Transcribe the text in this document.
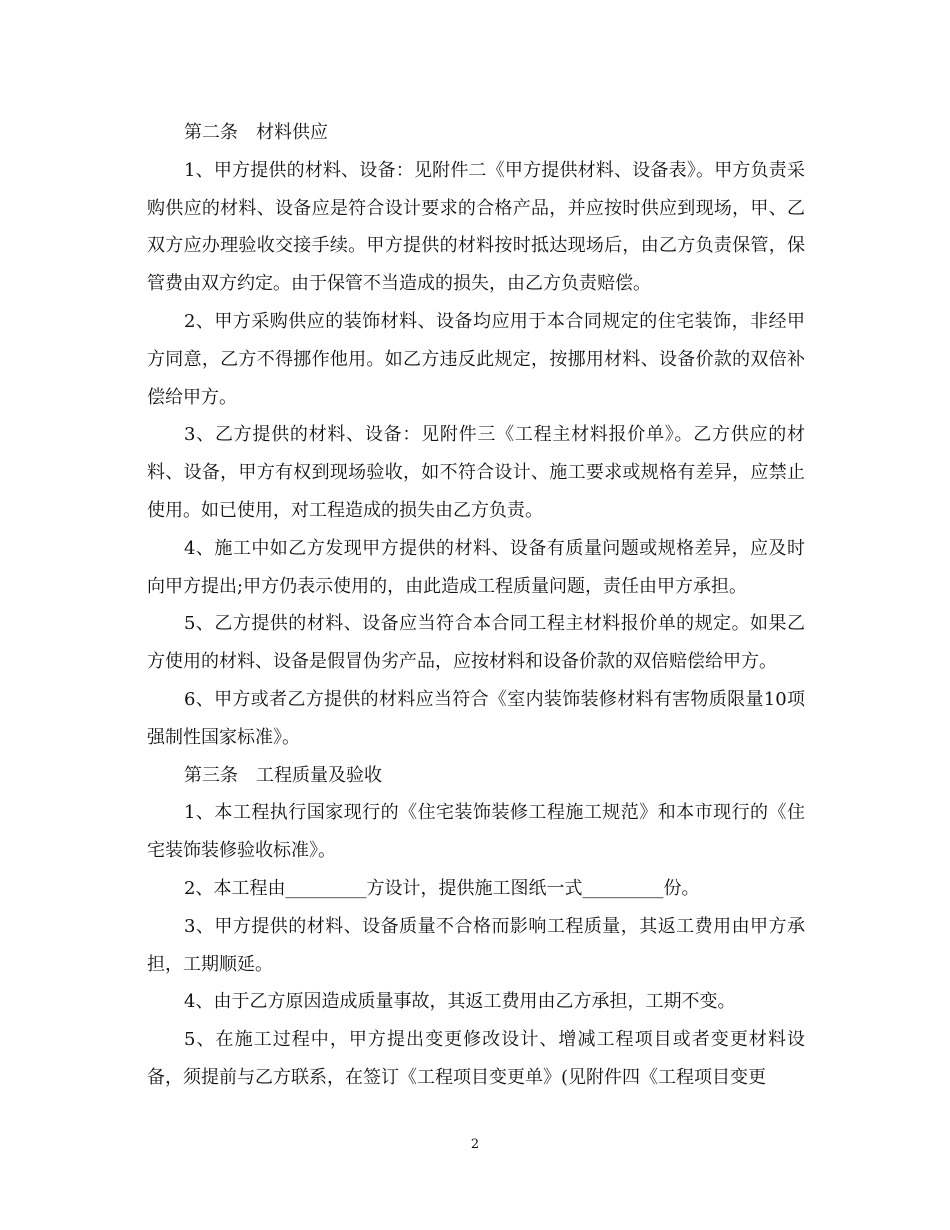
第二条　材料供应

1、甲方提供的材料、设备：见附件二《甲方提供材料、设备表》。甲方负责采购供应的材料、设备应是符合设计要求的合格产品，并应按时供应到现场，甲、乙双方应办理验收交接手续。甲方提供的材料按时抵达现场后，由乙方负责保管，保管费由双方约定。由于保管不当造成的损失，由乙方负责赔偿。

2、甲方采购供应的装饰材料、设备均应用于本合同规定的住宅装饰，非经甲方同意，乙方不得挪作他用。如乙方违反此规定，按挪用材料、设备价款的双倍补偿给甲方。

3、乙方提供的材料、设备：见附件三《工程主材料报价单》。乙方供应的材料、设备，甲方有权到现场验收，如不符合设计、施工要求或规格有差异，应禁止使用。如已使用，对工程造成的损失由乙方负责。

4、施工中如乙方发现甲方提供的材料、设备有质量问题或规格差异，应及时向甲方提出;甲方仍表示使用的，由此造成工程质量问题，责任由甲方承担。

5、乙方提供的材料、设备应当符合本合同工程主材料报价单的规定。如果乙方使用的材料、设备是假冒伪劣产品，应按材料和设备价款的双倍赔偿给甲方。

6、甲方或者乙方提供的材料应当符合《室内装饰装修材料有害物质限量10项强制性国家标准》。

第三条　工程质量及验收

1、本工程执行国家现行的《住宅装饰装修工程施工规范》和本市现行的《住宅装饰装修验收标准》。

2、本工程由_________方设计，提供施工图纸一式_________份。

3、甲方提供的材料、设备质量不合格而影响工程质量，其返工费用由甲方承担，工期顺延。

4、由于乙方原因造成质量事故，其返工费用由乙方承担，工期不变。

5、在施工过程中，甲方提出变更修改设计、增减工程项目或者变更材料设备，须提前与乙方联系，在签订《工程项目变更单》(见附件四《工程项目变更

2
